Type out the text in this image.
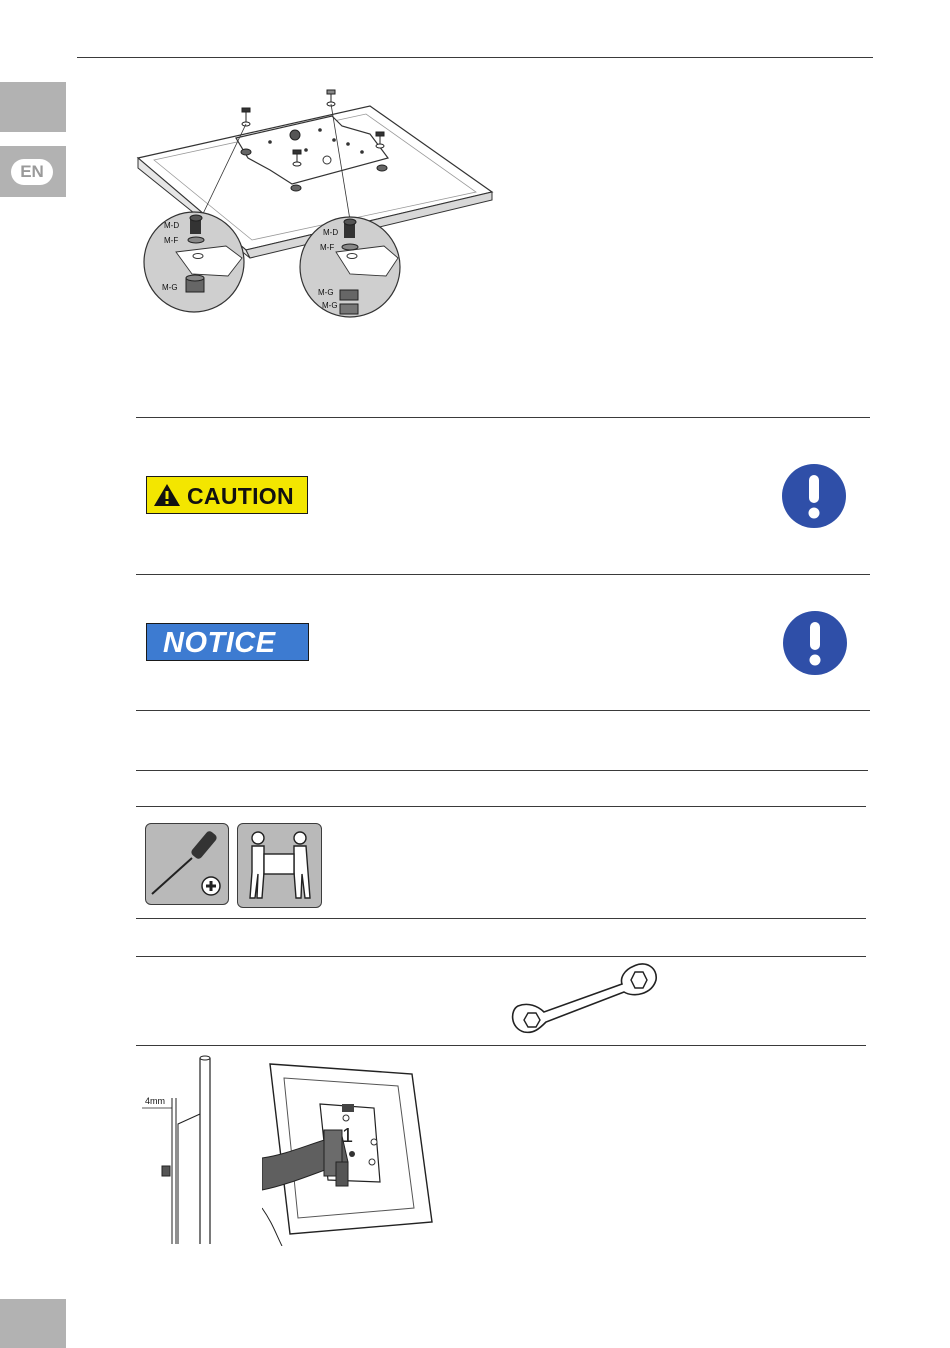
EN
M-D
M-F
M-G
M-D
M-F
M-G
M-G
CAUTION
NOTICE
4mm
1
